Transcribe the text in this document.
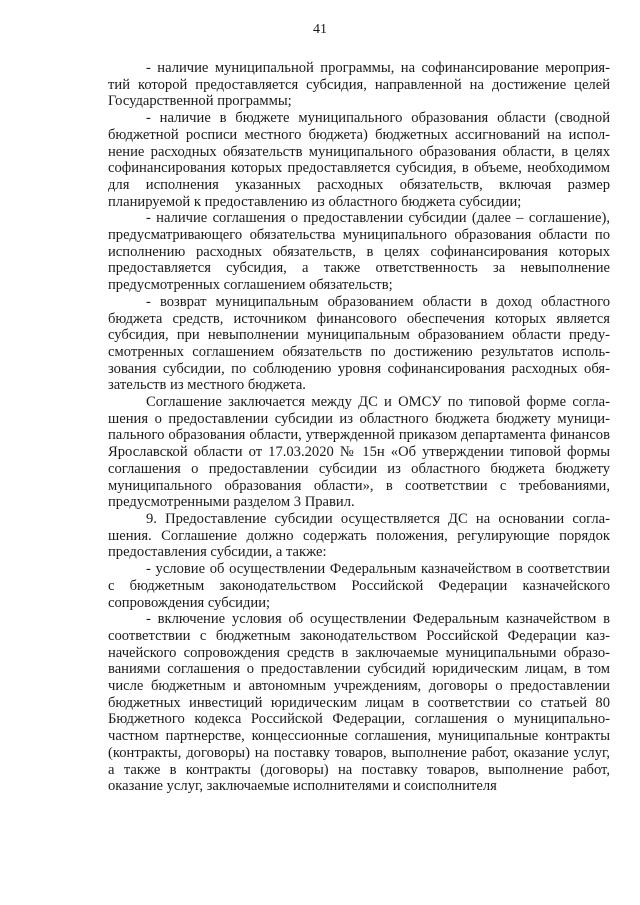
41

- наличие муниципальной программы, на софинансирование мероприятий которой предоставляется субсидия, направленной на достижение целей Государственной программы;

- наличие в бюджете муниципального образования области (сводной бюджетной росписи местного бюджета) бюджетных ассигнований на исполнение расходных обязательств муниципального образования области, в целях софинансирования которых предоставляется субсидия, в объеме, необходимом для исполнения указанных расходных обязательств, включая размер планируемой к предоставлению из областного бюджета субсидии;

- наличие соглашения о предоставлении субсидии (далее – соглашение), предусматривающего обязательства муниципального образования области по исполнению расходных обязательств, в целях софинансирования которых предоставляется субсидия, а также ответственность за невыполнение предусмотренных соглашением обязательств;

- возврат муниципальным образованием области в доход областного бюджета средств, источником финансового обеспечения которых является субсидия, при невыполнении муниципальным образованием области предусмотренных соглашением обязательств по достижению результатов использования субсидии, по соблюдению уровня софинансирования расходных обязательств из местного бюджета.

Соглашение заключается между ДС и ОМСУ по типовой форме соглашения о предоставлении субсидии из областного бюджета бюджету муниципального образования области, утвержденной приказом департамента финансов Ярославской области от 17.03.2020 № 15н «Об утверждении типовой формы соглашения о предоставлении субсидии из областного бюджета бюджету муниципального образования области», в соответствии с требованиями, предусмотренными разделом 3 Правил.

9. Предоставление субсидии осуществляется ДС на основании соглашения. Соглашение должно содержать положения, регулирующие порядок предоставления субсидии, а также:

- условие об осуществлении Федеральным казначейством в соответствии с бюджетным законодательством Российской Федерации казначейского сопровождения субсидии;

- включение условия об осуществлении Федеральным казначейством в соответствии с бюджетным законодательством Российской Федерации казначейского сопровождения средств в заключаемые муниципальными образованиями соглашения о предоставлении субсидий юридическим лицам, в том числе бюджетным и автономным учреждениям, договоры о предоставлении бюджетных инвестиций юридическим лицам в соответствии со статьей 80 Бюджетного кодекса Российской Федерации, соглашения о муниципально-частном партнерстве, концессионные соглашения, муниципальные контракты (контракты, договоры) на поставку товаров, выполнение работ, оказание услуг, а также в контракты (договоры) на поставку товаров, выполнение работ, оказание услуг, заключаемые исполнителями и соисполнителя
